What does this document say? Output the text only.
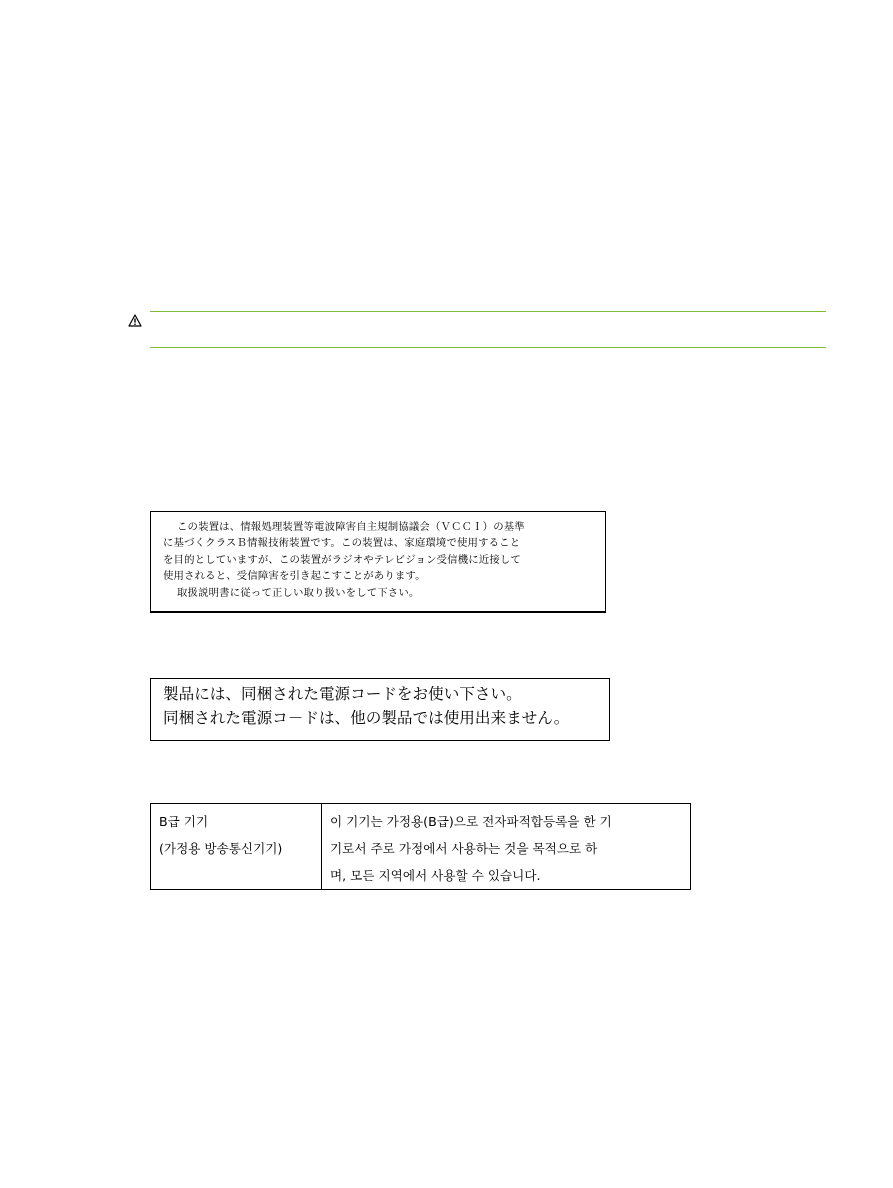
この装置は、情報処理装置等電波障害自主規制協議会（ＶＣＣＩ）の基準
に基づくクラスＢ情報技術装置です。この装置は、家庭環境で使用すること
を目的としていますが、この装置がラジオやテレビジョン受信機に近接して
使用されると、受信障害を引き起こすことがあります。
取扱説明書に従って正しい取り扱いをして下さい。
製品には、同梱された電源コードをお使い下さい。
同梱された電源コ－ドは、他の製品では使用出来ません。
B급 기기
(가정용 방송통신기기)

이 기기는 가정용(B급)으로 전자파적합등록을 한 기
기로서 주로 가정에서 사용하는 것을 목적으로 하
며, 모든 지역에서 사용할 수 있습니다.
